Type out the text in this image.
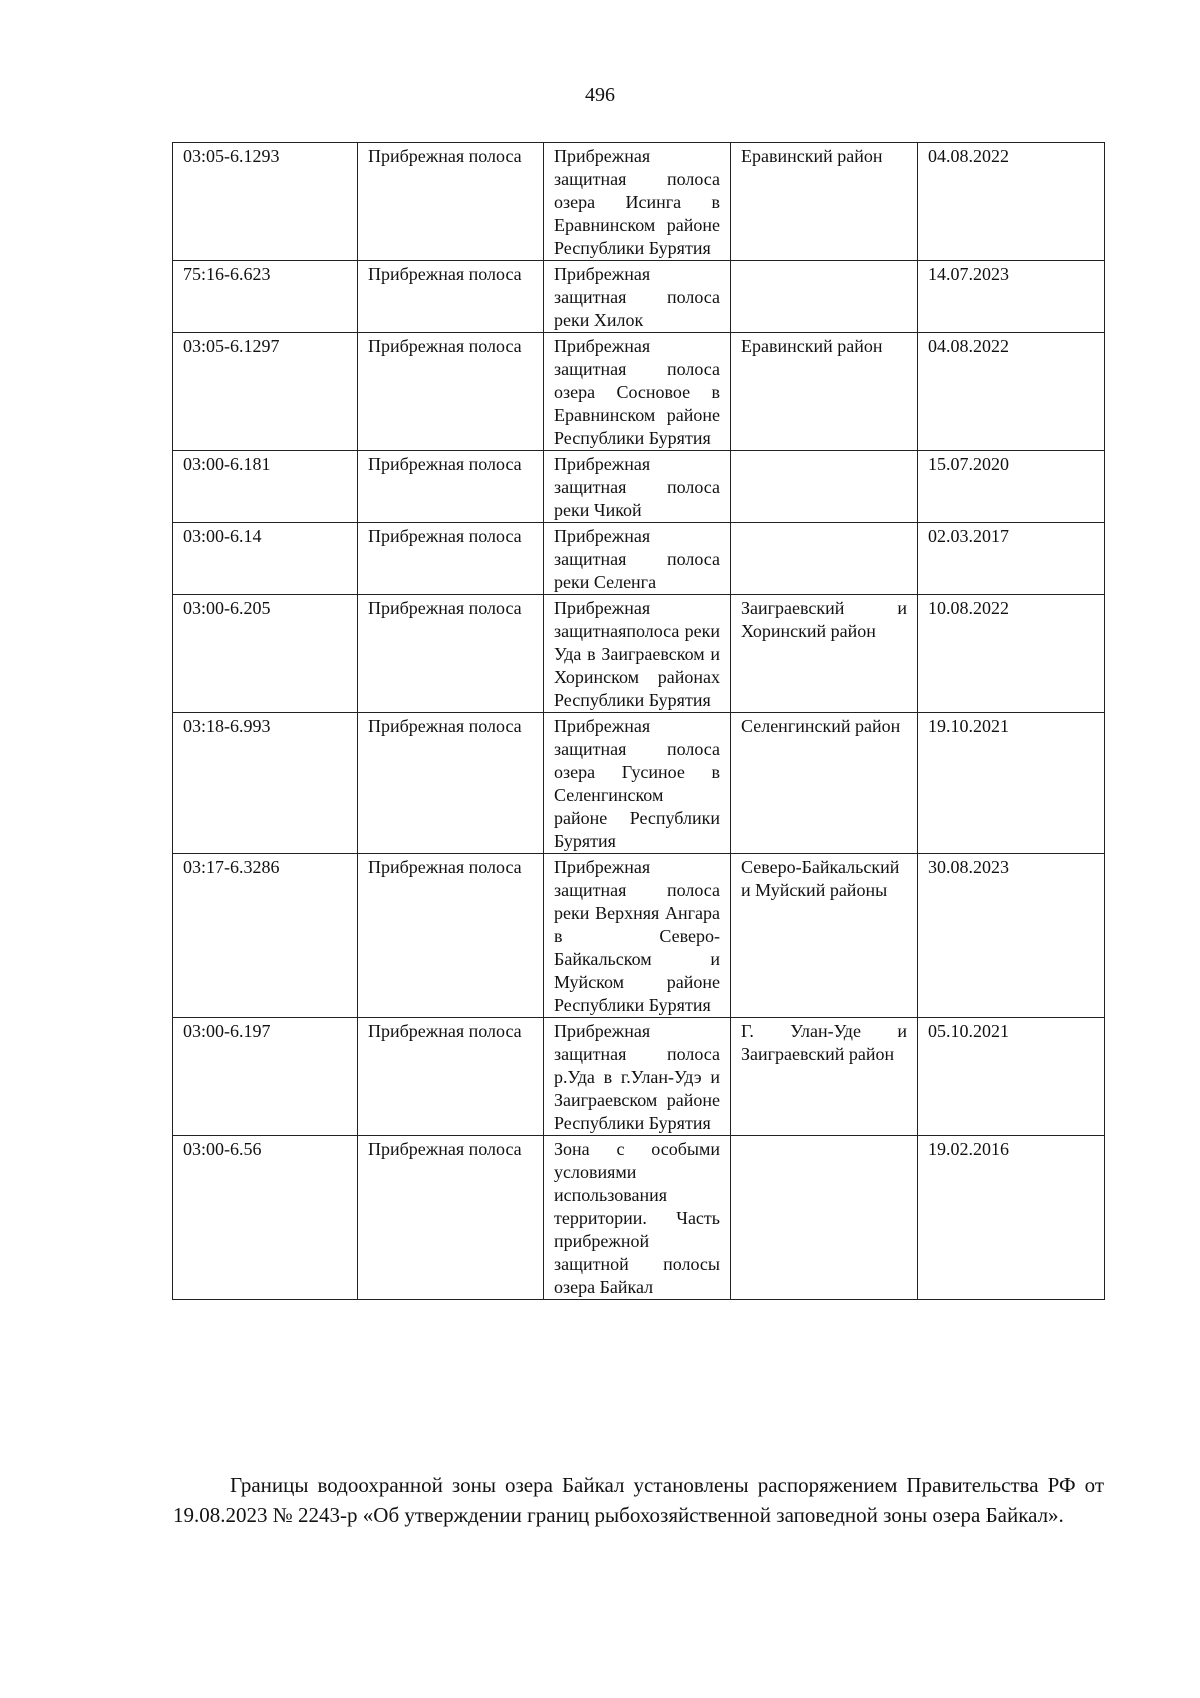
496
03:05-6.1293	Прибрежная полоса	Прибрежная защитная полоса озера Исинга в Еравнинском районе Республики Бурятия	Еравинский район	04.08.2022
75:16-6.623	Прибрежная полоса	Прибрежная защитная полоса реки Хилок		14.07.2023
03:05-6.1297	Прибрежная полоса	Прибрежная защитная полоса озера Сосновое в Еравнинском районе Республики Бурятия	Еравинский район	04.08.2022
03:00-6.181	Прибрежная полоса	Прибрежная защитная полоса реки Чикой		15.07.2020
03:00-6.14	Прибрежная полоса	Прибрежная защитная полоса реки Селенга		02.03.2017
03:00-6.205	Прибрежная полоса	Прибрежная защитнаяполоса реки Уда в Заиграевском и Хоринском районах Республики Бурятия	Заиграевский и Хоринский район	10.08.2022
03:18-6.993	Прибрежная полоса	Прибрежная защитная полоса озера Гусиное в Селенгинском районе Республики Бурятия	Селенгинский район	19.10.2021
03:17-6.3286	Прибрежная полоса	Прибрежная защитная полоса реки Верхняя Ангара в Северо-Байкальском и Муйском районе Республики Бурятия	Северо-Байкальский и Муйский районы	30.08.2023
03:00-6.197	Прибрежная полоса	Прибрежная защитная полоса р.Уда в г.Улан-Удэ и Заиграевском районе Республики Бурятия	Г. Улан-Уде и Заиграевский район	05.10.2021
03:00-6.56	Прибрежная полоса	Зона с особыми условиями использования территории. Часть прибрежной защитной полосы озера Байкал		19.02.2016

Границы водоохранной зоны озера Байкал установлены распоряжением Правительства РФ от 19.08.2023 № 2243-р «Об утверждении границ рыбохозяйственной заповедной зоны озера Байкал».
